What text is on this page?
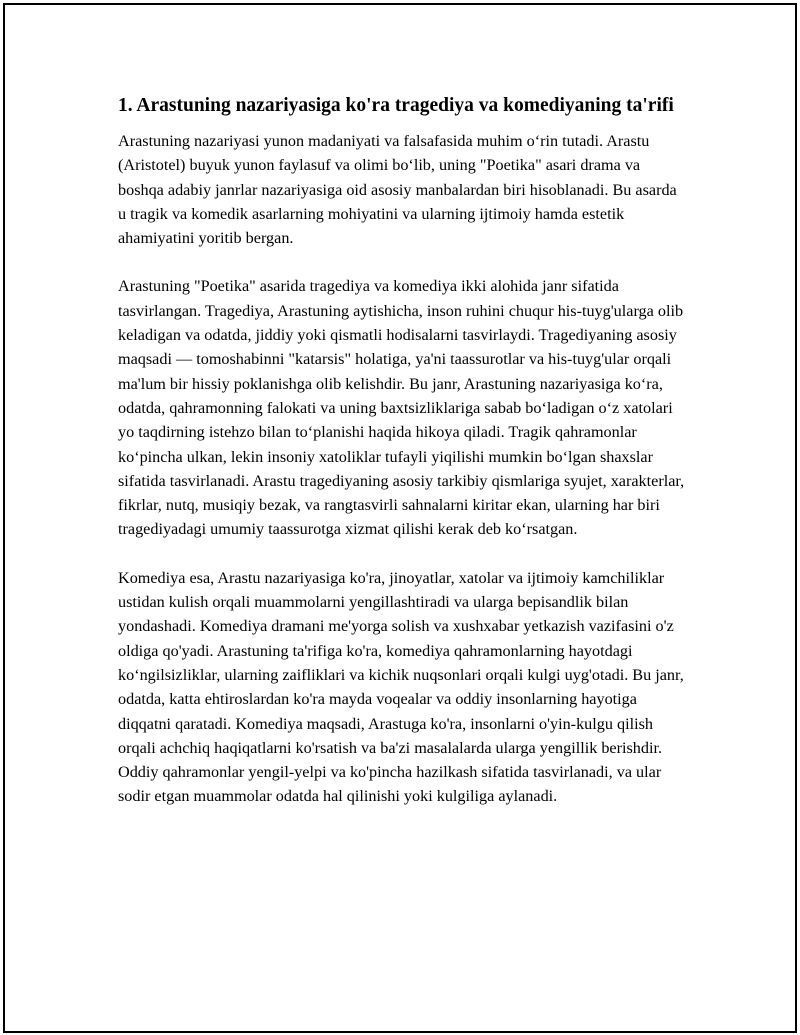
1. Arastuning nazariyasiga ko'ra tragediya va komediyaning ta'rifi

Arastuning nazariyasi yunon madaniyati va falsafasida muhim o‘rin tutadi. Arastu (Aristotel) buyuk yunon faylasuf va olimi bo‘lib, uning "Poetika" asari drama va boshqa adabiy janrlar nazariyasiga oid asosiy manbalardan biri hisoblanadi. Bu asarda u tragik va komedik asarlarning mohiyatini va ularning ijtimoiy hamda estetik ahamiyatini yoritib bergan.

Arastuning "Poetika" asarida tragediya va komediya ikki alohida janr sifatida tasvirlangan. Tragediya, Arastuning aytishicha, inson ruhini chuqur his-tuyg'ularga olib keladigan va odatda, jiddiy yoki qismatli hodisalarni tasvirlaydi. Tragediyaning asosiy maqsadi — tomoshabinni "katarsis" holatiga, ya'ni taassurotlar va his-tuyg'ular orqali ma'lum bir hissiy poklanishga olib kelishdir. Bu janr, Arastuning nazariyasiga ko‘ra, odatda, qahramonning falokati va uning baxtsizliklariga sabab bo‘ladigan o‘z xatolari yo taqdirning istehzo bilan to‘planishi haqida hikoya qiladi. Tragik qahramonlar ko‘pincha ulkan, lekin insoniy xatoliklar tufayli yiqilishi mumkin bo‘lgan shaxslar sifatida tasvirlanadi. Arastu tragediyaning asosiy tarkibiy qismlariga syujet, xarakterlar, fikrlar, nutq, musiqiy bezak, va rangtasvirli sahnalarni kiritar ekan, ularning har biri tragediyadagi umumiy taassurotga xizmat qilishi kerak deb ko‘rsatgan.

Komediya esa, Arastu nazariyasiga ko'ra, jinoyatlar, xatolar va ijtimoiy kamchiliklar ustidan kulish orqali muammolarni yengillashtiradi va ularga bepisandlik bilan yondashadi. Komediya dramani me'yorga solish va xushxabar yetkazish vazifasini o'z oldiga qo'yadi. Arastuning ta'rifiga ko'ra, komediya qahramonlarning hayotdagi ko‘ngilsizliklar, ularning zaifliklari va kichik nuqsonlari orqali kulgi uyg'otadi. Bu janr, odatda, katta ehtiroslardan ko'ra mayda voqealar va oddiy insonlarning hayotiga diqqatni qaratadi. Komediya maqsadi, Arastuga ko'ra, insonlarni o'yin-kulgu qilish orqali achchiq haqiqatlarni ko'rsatish va ba'zi masalalarda ularga yengillik berishdir. Oddiy qahramonlar yengil-yelpi va ko'pincha hazilkash sifatida tasvirlanadi, va ular sodir etgan muammolar odatda hal qilinishi yoki kulgiliga aylanadi.
